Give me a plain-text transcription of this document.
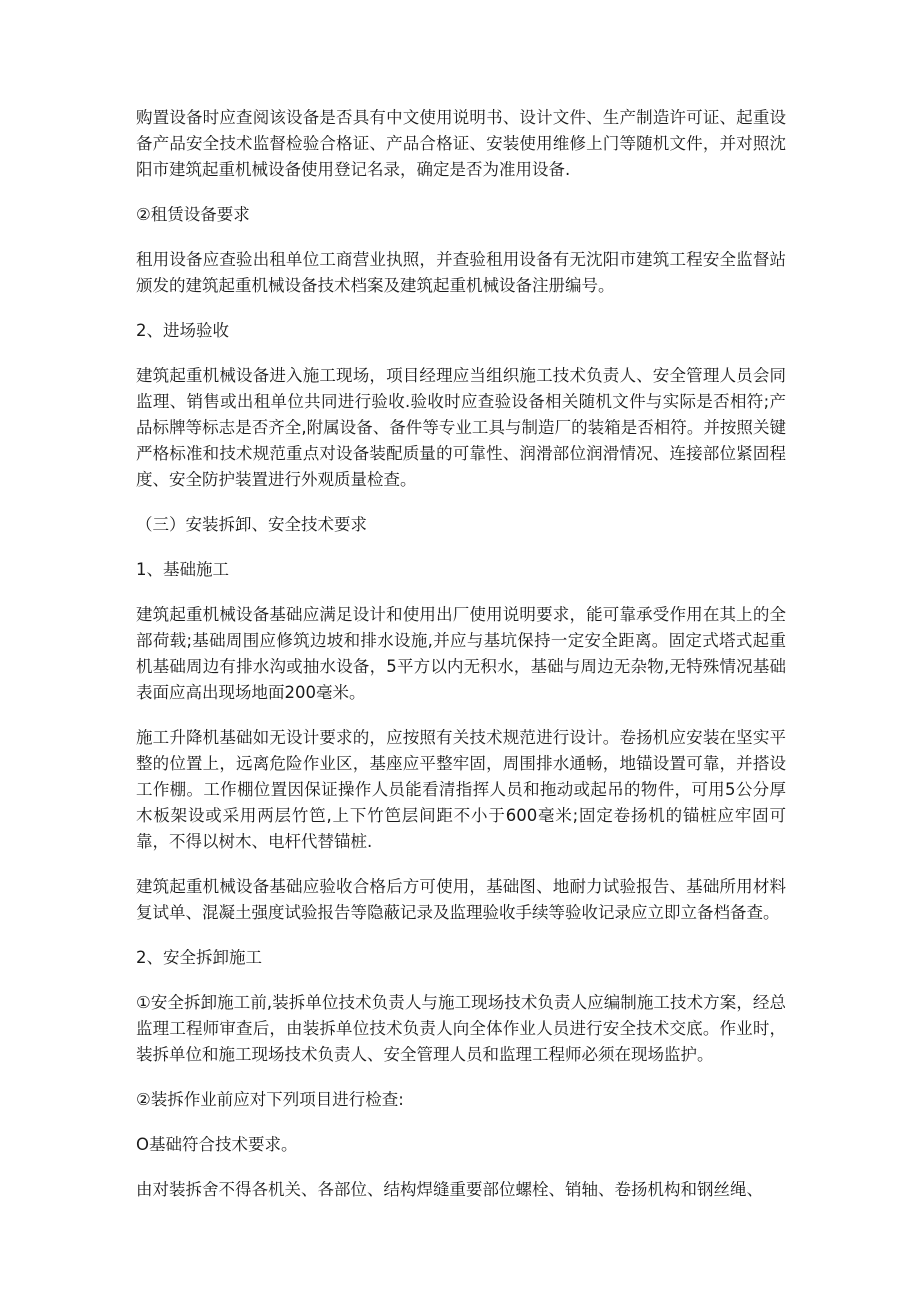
购置设备时应查阅该设备是否具有中文使用说明书、设计文件、生产制造许可证、起重设备产品安全技术监督检验合格证、产品合格证、安装使用维修上门等随机文件，并对照沈阳市建筑起重机械设备使用登记名录，确定是否为准用设备.

②租赁设备要求

租用设备应查验出租单位工商营业执照，并查验租用设备有无沈阳市建筑工程安全监督站颁发的建筑起重机械设备技术档案及建筑起重机械设备注册编号。

2、进场验收

建筑起重机械设备进入施工现场，项目经理应当组织施工技术负责人、安全管理人员会同监理、销售或出租单位共同进行验收.验收时应查验设备相关随机文件与实际是否相符;产品标牌等标志是否齐全,附属设备、备件等专业工具与制造厂的装箱是否相符。并按照关键严格标准和技术规范重点对设备装配质量的可靠性、润滑部位润滑情况、连接部位紧固程度、安全防护装置进行外观质量检查。

（三）安装拆卸、安全技术要求

1、基础施工

建筑起重机械设备基础应满足设计和使用出厂使用说明要求，能可靠承受作用在其上的全部荷载;基础周围应修筑边坡和排水设施,并应与基坑保持一定安全距离。固定式塔式起重机基础周边有排水沟或抽水设备，5平方以内无积水，基础与周边无杂物,无特殊情况基础表面应高出现场地面200毫米。

施工升降机基础如无设计要求的，应按照有关技术规范进行设计。卷扬机应安装在坚实平整的位置上，远离危险作业区，基座应平整牢固，周围排水通畅，地锚设置可靠，并搭设工作棚。工作棚位置因保证操作人员能看清指挥人员和拖动或起吊的物件，可用5公分厚木板架设或采用两层竹笆,上下竹笆层间距不小于600毫米;固定卷扬机的锚桩应牢固可靠，不得以树木、电杆代替锚桩.

建筑起重机械设备基础应验收合格后方可使用，基础图、地耐力试验报告、基础所用材料复试单、混凝土强度试验报告等隐蔽记录及监理验收手续等验收记录应立即立备档备查。

2、安全拆卸施工

①安全拆卸施工前,装拆单位技术负责人与施工现场技术负责人应编制施工技术方案，经总监理工程师审查后，由装拆单位技术负责人向全体作业人员进行安全技术交底。作业时，装拆单位和施工现场技术负责人、安全管理人员和监理工程师必须在现场监护。

②装拆作业前应对下列项目进行检查:

O基础符合技术要求。

由对装拆舍不得各机关、各部位、结构焊缝重要部位螺栓、销轴、卷扬机构和钢丝绳、
